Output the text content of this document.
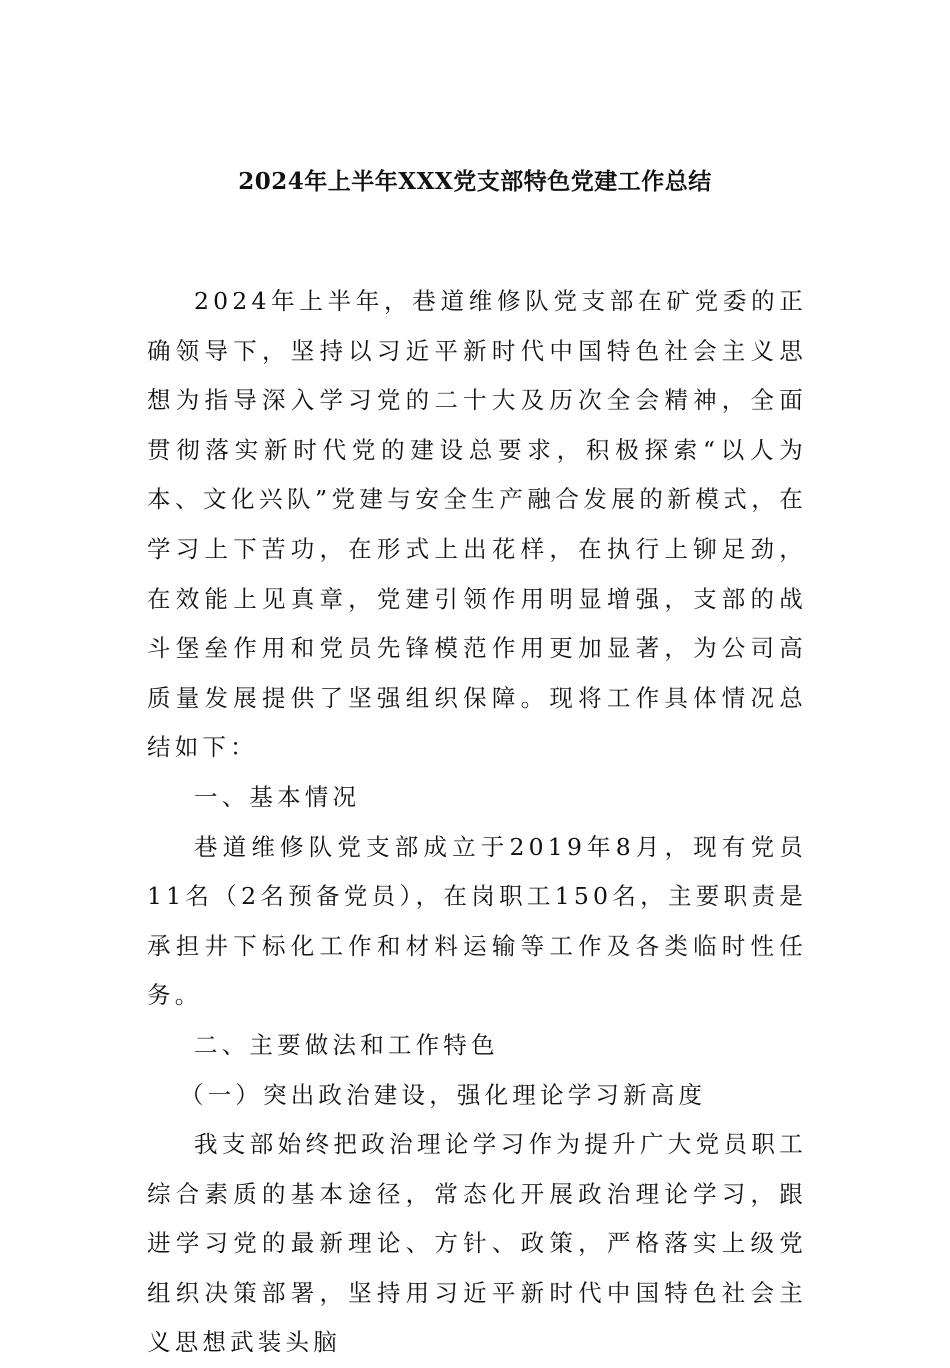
2024年上半年XXX党支部特色党建工作总结

2024年上半年，巷道维修队党支部在矿党委的正确领导下，坚持以习近平新时代中国特色社会主义思想为指导深入学习党的二十大及历次全会精神，全面贯彻落实新时代党的建设总要求，积极探索“以人为本、文化兴队”党建与安全生产融合发展的新模式，在学习上下苦功，在形式上出花样，在执行上铆足劲，在效能上见真章，党建引领作用明显增强，支部的战斗堡垒作用和党员先锋模范作用更加显著，为公司高质量发展提供了坚强组织保障。现将工作具体情况总结如下：

一、基本情况

巷道维修队党支部成立于2019年8月，现有党员11名（2名预备党员），在岗职工150名，主要职责是承担井下标化工作和材料运输等工作及各类临时性任务。

二、主要做法和工作特色

（一）突出政治建设，强化理论学习新高度

我支部始终把政治理论学习作为提升广大党员职工综合素质的基本途径，常态化开展政治理论学习，跟进学习党的最新理论、方针、政策，严格落实上级党组织决策部署，坚持用习近平新时代中国特色社会主义思想武装头脑
